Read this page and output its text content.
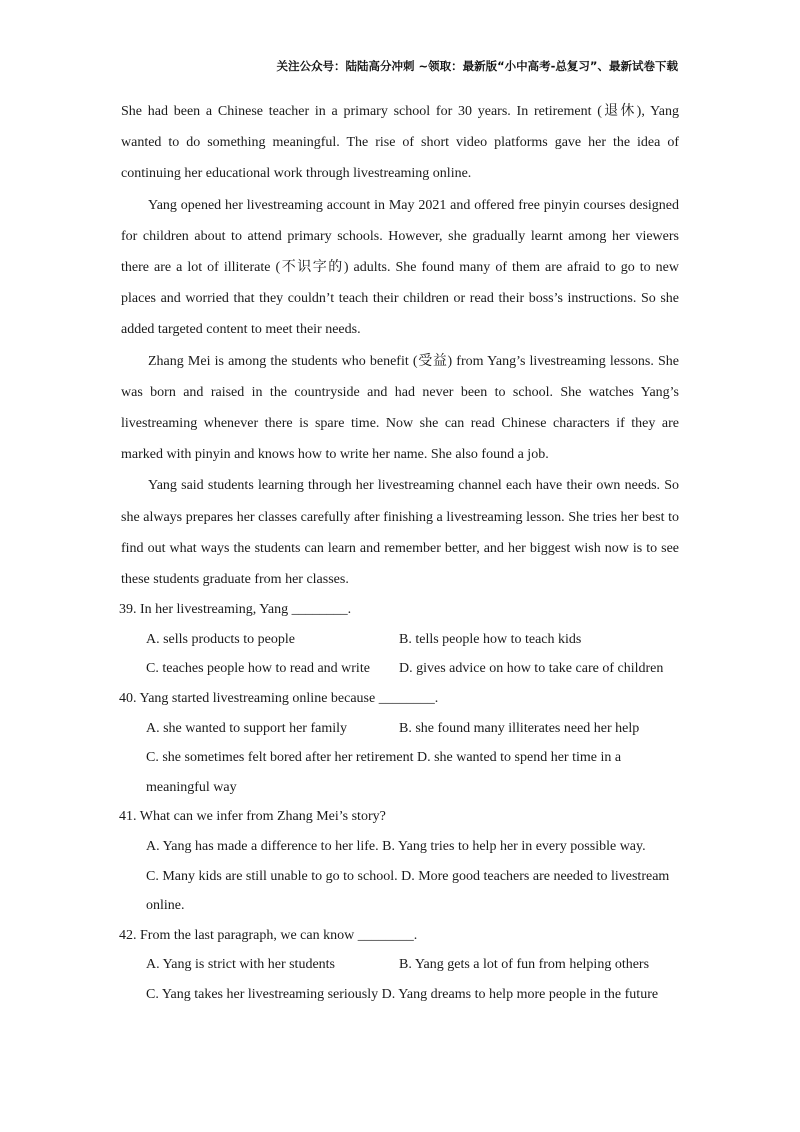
关注公众号：陆陆高分冲刺 ~领取：最新版“小中高考-总复习”、最新试卷下载

She had been a Chinese teacher in a primary school for 30 years. In retirement (退休), Yang wanted to do something meaningful. The rise of short video platforms gave her the idea of continuing her educational work through livestreaming online.

Yang opened her livestreaming account in May 2021 and offered free pinyin courses designed for children about to attend primary schools. However, she gradually learnt among her viewers there are a lot of illiterate (不识字的) adults. She found many of them are afraid to go to new places and worried that they couldn’t teach their children or read their boss’s instructions. So she added targeted content to meet their needs.

Zhang Mei is among the students who benefit (受益) from Yang’s livestreaming lessons. She was born and raised in the countryside and had never been to school. She watches Yang’s livestreaming whenever there is spare time. Now she can read Chinese characters if they are marked with pinyin and knows how to write her name. She also found a job.

Yang said students learning through her livestreaming channel each have their own needs. So she always prepares her classes carefully after finishing a livestreaming lesson. She tries her best to find out what ways the students can learn and remember better, and her biggest wish now is to see these students graduate from her classes.

39. In her livestreaming, Yang ________.
A. sells products to people	B. tells people how to teach kids
C. teaches people how to read and write	D. gives advice on how to take care of children
40. Yang started livestreaming online because ________.
A. she wanted to support her family	B. she found many illiterates need her help
C. she sometimes felt bored after her retirement D. she wanted to spend her time in a meaningful way
41. What can we infer from Zhang Mei’s story?
A. Yang has made a difference to her life. B. Yang tries to help her in every possible way.
C. Many kids are still unable to go to school. D. More good teachers are needed to livestream online.
42. From the last paragraph, we can know ________.
A. Yang is strict with her students	B. Yang gets a lot of fun from helping others
C. Yang takes her livestreaming seriously D. Yang dreams to help more people in the future
